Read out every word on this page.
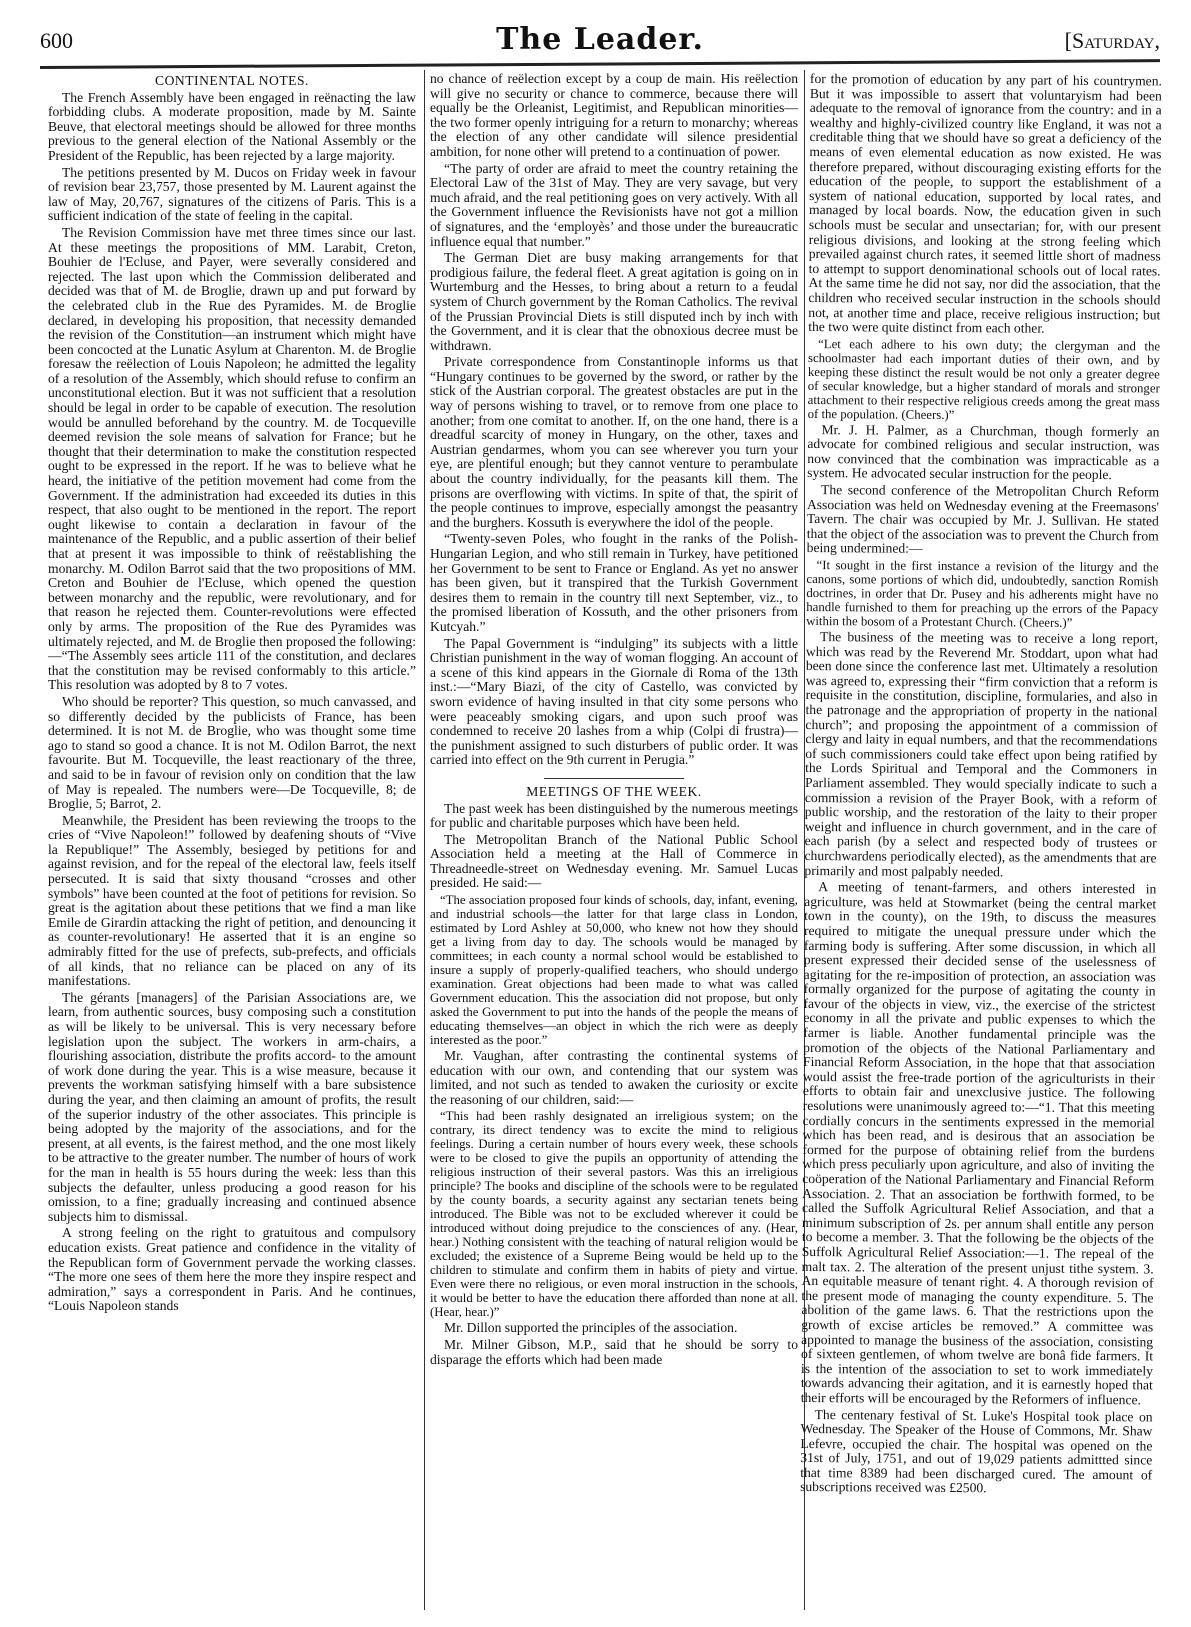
600	The Leader.	[Saturday,
CONTINENTAL NOTES.

The French Assembly have been engaged in reënacting the law forbidding clubs. A moderate proposition, made by M. Sainte Beuve, that electoral meetings should be allowed for three months previous to the general election of the National Assembly or the President of the Republic, has been rejected by a large majority.

The petitions presented by M. Ducos on Friday week in favour of revision bear 23,757, those presented by M. Laurent against the law of May, 20,767, signatures of the citizens of Paris. This is a sufficient indication of the state of feeling in the capital.

The Revision Commission have met three times since our last. At these meetings the propositions of MM. Larabit, Creton, Bouhier de l'Ecluse, and Payer, were severally considered and rejected. The last upon which the Commission deliberated and decided was that of M. de Broglie, drawn up and put forward by the celebrated club in the Rue des Pyramides. M. de Broglie declared, in developing his proposition, that necessity demanded the revision of the Constitution—an instrument which might have been concocted at the Lunatic Asylum at Charenton. M. de Broglie foresaw the reëlection of Louis Napoleon; he admitted the legality of a resolution of the Assembly, which should refuse to confirm an unconstitutional election. But it was not sufficient that a resolution should be legal in order to be capable of execution. The resolution would be annulled beforehand by the country. M. de Tocqueville deemed revision the sole means of salvation for France; but he thought that their determination to make the constitution respected ought to be expressed in the report. If he was to believe what he heard, the initiative of the petition movement had come from the Government. If the administration had exceeded its duties in this respect, that also ought to be mentioned in the report. The report ought likewise to contain a declaration in favour of the maintenance of the Republic, and a public assertion of their belief that at present it was impossible to think of reëstablishing the monarchy. M. Odilon Barrot said that the two propositions of MM. Creton and Bouhier de l'Ecluse, which opened the question between monarchy and the republic, were revolutionary, and for that reason he rejected them. Counter-revolutions were effected only by arms. The proposition of the Rue des Pyramides was ultimately rejected, and M. de Broglie then proposed the following:—“The Assembly sees article 111 of the constitution, and declares that the constitution may be revised conformably to this article.” This resolution was adopted by 8 to 7 votes.

Who should be reporter? This question, so much canvassed, and so differently decided by the publicists of France, has been determined. It is not M. de Broglie, who was thought some time ago to stand so good a chance. It is not M. Odilon Barrot, the next favourite. But M. Tocqueville, the least reactionary of the three, and said to be in favour of revision only on condition that the law of May is repealed. The numbers were—De Tocqueville, 8; de Broglie, 5; Barrot, 2.

Meanwhile, the President has been reviewing the troops to the cries of “Vive Napoleon!” followed by deafening shouts of “Vive la Republique!” The Assembly, besieged by petitions for and against revision, and for the repeal of the electoral law, feels itself persecuted. It is said that sixty thousand “crosses and other symbols” have been counted at the foot of petitions for revision. So great is the agitation about these petitions that we find a man like Emile de Girardin attacking the right of petition, and denouncing it as counter-revolutionary! He asserted that it is an engine so admirably fitted for the use of prefects, sub-prefects, and officials of all kinds, that no reliance can be placed on any of its manifestations.

The gérants [managers] of the Parisian Associations are, we learn, from authentic sources, busy composing such a constitution as will be likely to be universal. This is very necessary before legislation upon the subject. The workers in arm-chairs, a flourishing association, distribute the profits accord- to the amount of work done during the year. This is a wise measure, because it prevents the workman satisfying himself with a bare subsistence during the year, and then claiming an amount of profits, the result of the superior industry of the other associates. This principle is being adopted by the majority of the associations, and for the present, at all events, is the fairest method, and the one most likely to be attractive to the greater number. The number of hours of work for the man in health is 55 hours during the week: less than this subjects the defaulter, unless producing a good reason for his omission, to a fine; gradually increasing and continued absence subjects him to dismissal.

A strong feeling on the right to gratuitous and compulsory education exists. Great patience and confidence in the vitality of the Republican form of Government pervade the working classes. “The more one sees of them here the more they inspire respect and admiration,” says a correspondent in Paris. And he continues, “Louis Napoleon stands

no chance of reëlection except by a coup de main. His reëlection will give no security or chance to commerce, because there will equally be the Orleanist, Legitimist, and Republican minorities—the two former openly intriguing for a return to monarchy; whereas the election of any other candidate will silence presidential ambition, for none other will pretend to a continuation of power.

“The party of order are afraid to meet the country retaining the Electoral Law of the 31st of May. They are very savage, but very much afraid, and the real petitioning goes on very actively. With all the Government influence the Revisionists have not got a million of signatures, and the ‘employès’ and those under the bureaucratic influence equal that number.”

The German Diet are busy making arrangements for that prodigious failure, the federal fleet. A great agitation is going on in Wurtemburg and the Hesses, to bring about a return to a feudal system of Church government by the Roman Catholics. The revival of the Prussian Provincial Diets is still disputed inch by inch with the Government, and it is clear that the obnoxious decree must be withdrawn.

Private correspondence from Constantinople informs us that “Hungary continues to be governed by the sword, or rather by the stick of the Austrian corporal. The greatest obstacles are put in the way of persons wishing to travel, or to remove from one place to another; from one comitat to another. If, on the one hand, there is a dreadful scarcity of money in Hungary, on the other, taxes and Austrian gendarmes, whom you can see wherever you turn your eye, are plentiful enough; but they cannot venture to perambulate about the country individually, for the peasants kill them. The prisons are overflowing with victims. In spite of that, the spirit of the people continues to improve, especially amongst the peasantry and the burghers. Kossuth is everywhere the idol of the people.

“Twenty-seven Poles, who fought in the ranks of the Polish-Hungarian Legion, and who still remain in Turkey, have petitioned her Government to be sent to France or England. As yet no answer has been given, but it transpired that the Turkish Government desires them to remain in the country till next September, viz., to the promised liberation of Kossuth, and the other prisoners from Kutcyah.”

The Papal Government is “indulging” its subjects with a little Christian punishment in the way of woman flogging. An account of a scene of this kind appears in the Giornale di Roma of the 13th inst.:—“Mary Biazi, of the city of Castello, was convicted by sworn evidence of having insulted in that city some persons who were peaceably smoking cigars, and upon such proof was condemned to receive 20 lashes from a whip (Colpi di frustra)—the punishment assigned to such disturbers of public order. It was carried into effect on the 9th current in Perugia.”

MEETINGS OF THE WEEK.

The past week has been distinguished by the numerous meetings for public and charitable purposes which have been held.

The Metropolitan Branch of the National Public School Association held a meeting at the Hall of Commerce in Threadneedle-street on Wednesday evening. Mr. Samuel Lucas presided. He said:—

“The association proposed four kinds of schools, day, infant, evening, and industrial schools—the latter for that large class in London, estimated by Lord Ashley at 50,000, who knew not how they should get a living from day to day. The schools would be managed by committees; in each county a normal school would be established to insure a supply of properly-qualified teachers, who should undergo examination. Great objections had been made to what was called Government education. This the association did not propose, but only asked the Government to put into the hands of the people the means of educating themselves—an object in which the rich were as deeply interested as the poor.”

Mr. Vaughan, after contrasting the continental systems of education with our own, and contending that our system was limited, and not such as tended to awaken the curiosity or excite the reasoning of our children, said:—

“This had been rashly designated an irreligious system; on the contrary, its direct tendency was to excite the mind to religious feelings. During a certain number of hours every week, these schools were to be closed to give the pupils an opportunity of attending the religious instruction of their several pastors. Was this an irreligious principle? The books and discipline of the schools were to be regulated by the county boards, a security against any sectarian tenets being introduced. The Bible was not to be excluded wherever it could be introduced without doing prejudice to the consciences of any. (Hear, hear.) Nothing consistent with the teaching of natural religion would be excluded; the existence of a Supreme Being would be held up to the children to stimulate and confirm them in habits of piety and virtue. Even were there no religious, or even moral instruction in the schools, it would be better to have the education there afforded than none at all. (Hear, hear.)”

Mr. Dillon supported the principles of the association.

Mr. Milner Gibson, M.P., said that he should be sorry to disparage the efforts which had been made

for the promotion of education by any part of his countrymen. But it was impossible to assert that voluntaryism had been adequate to the removal of ignorance from the country: and in a wealthy and highly-civilized country like England, it was not a creditable thing that we should have so great a deficiency of the means of even elemental education as now existed. He was therefore prepared, without discouraging existing efforts for the education of the people, to support the establishment of a system of national education, supported by local rates, and managed by local boards. Now, the education given in such schools must be secular and unsectarian; for, with our present religious divisions, and looking at the strong feeling which prevailed against church rates, it seemed little short of madness to attempt to support denominational schools out of local rates. At the same time he did not say, nor did the association, that the children who received secular instruction in the schools should not, at another time and place, receive religious instruction; but the two were quite distinct from each other.

“Let each adhere to his own duty; the clergyman and the schoolmaster had each important duties of their own, and by keeping these distinct the result would be not only a greater degree of secular knowledge, but a higher standard of morals and stronger attachment to their respective religious creeds among the great mass of the population. (Cheers.)”

Mr. J. H. Palmer, as a Churchman, though formerly an advocate for combined religious and secular instruction, was now convinced that the combination was impracticable as a system. He advocated secular instruction for the people.

The second conference of the Metropolitan Church Reform Association was held on Wednesday evening at the Freemasons' Tavern. The chair was occupied by Mr. J. Sullivan. He stated that the object of the association was to prevent the Church from being undermined:—

“It sought in the first instance a revision of the liturgy and the canons, some portions of which did, undoubtedly, sanction Romish doctrines, in order that Dr. Pusey and his adherents might have no handle furnished to them for preaching up the errors of the Papacy within the bosom of a Protestant Church. (Cheers.)”

The business of the meeting was to receive a long report, which was read by the Reverend Mr. Stoddart, upon what had been done since the conference last met. Ultimately a resolution was agreed to, expressing their “firm conviction that a reform is requisite in the constitution, discipline, formularies, and also in the patronage and the appropriation of property in the national church”; and proposing the appointment of a commission of clergy and laity in equal numbers, and that the recommendations of such commissioners could take effect upon being ratified by the Lords Spiritual and Temporal and the Commoners in Parliament assembled. They would specially indicate to such a commission a revision of the Prayer Book, with a reform of public worship, and the restoration of the laity to their proper weight and influence in church government, and in the care of each parish (by a select and respected body of trustees or churchwardens periodically elected), as the amendments that are primarily and most palpably needed.

A meeting of tenant-farmers, and others interested in agriculture, was held at Stowmarket (being the central market town in the county), on the 19th, to discuss the measures required to mitigate the unequal pressure under which the farming body is suffering. After some discussion, in which all present expressed their decided sense of the uselessness of agitating for the re-imposition of protection, an association was formally organized for the purpose of agitating the county in favour of the objects in view, viz., the exercise of the strictest economy in all the private and public expenses to which the farmer is liable. Another fundamental principle was the promotion of the objects of the National Parliamentary and Financial Reform Association, in the hope that that association would assist the free-trade portion of the agriculturists in their efforts to obtain fair and unexclusive justice. The following resolutions were unanimously agreed to:—“1. That this meeting cordially concurs in the sentiments expressed in the memorial which has been read, and is desirous that an association be formed for the purpose of obtaining relief from the burdens which press peculiarly upon agriculture, and also of inviting the coöperation of the National Parliamentary and Financial Reform Association. 2. That an association be forthwith formed, to be called the Suffolk Agricultural Relief Association, and that a minimum subscription of 2s. per annum shall entitle any person to become a member. 3. That the following be the objects of the Suffolk Agricultural Relief Association:—1. The repeal of the malt tax. 2. The alteration of the present unjust tithe system. 3. An equitable measure of tenant right. 4. A thorough revision of the present mode of managing the county expenditure. 5. The abolition of the game laws. 6. That the restrictions upon the growth of excise articles be removed.” A committee was appointed to manage the business of the association, consisting of sixteen gentlemen, of whom twelve are bonâ fide farmers. It is the intention of the association to set to work immediately towards advancing their agitation, and it is earnestly hoped that their efforts will be encouraged by the Reformers of influence.

The centenary festival of St. Luke's Hospital took place on Wednesday. The Speaker of the House of Commons, Mr. Shaw Lefevre, occupied the chair. The hospital was opened on the 31st of July, 1751, and out of 19,029 patients admittted since that time 8389 had been discharged cured. The amount of subscriptions received was £2500.
